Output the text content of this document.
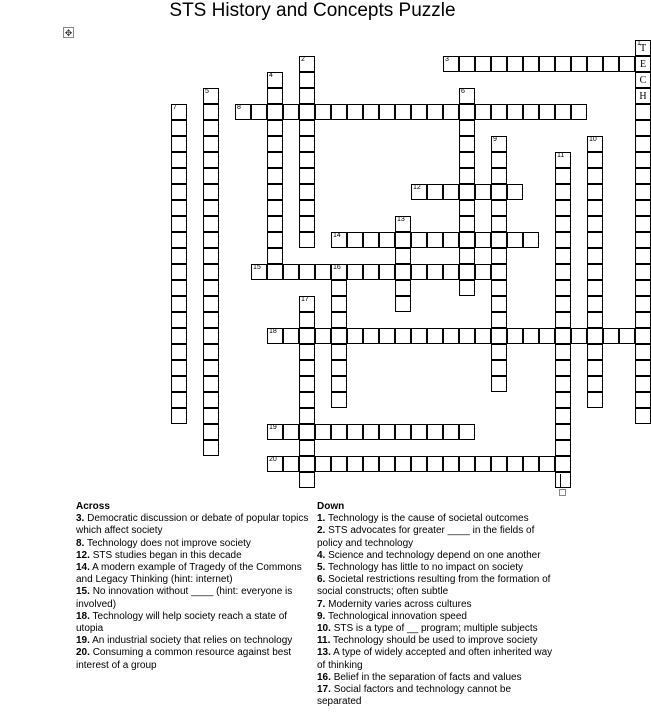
STS History and Concepts Puzzle
✥
1 T
E
C
H
2	3
4
5	6
7	8
9	10
11
12
13
14
15	16
17
18
19
20
Across
3. Democratic discussion or debate of popular topics which affect society
8. Technology does not improve society
12. STS studies began in this decade
14. A modern example of Tragedy of the Commons and Legacy Thinking (hint: internet)
15. No innovation without ____ (hint: everyone is involved)
18. Technology will help society reach a state of utopia
19. An industrial society that relies on technology
20. Consuming a common resource against best interest of a group
Down
1. Technology is the cause of societal outcomes
2. STS advocates for greater ____ in the fields of policy and technology
4. Science and technology depend on one another
5. Technology has little to no impact on society
6. Societal restrictions resulting from the formation of social constructs; often subtle
7. Modernity varies across cultures
9. Technological innovation speed
10. STS is a type of __ program; multiple subjects
11. Technology should be used to improve society
13. A type of widely accepted and often inherited way of thinking
16. Belief in the separation of facts and values
17. Social factors and technology cannot be separated
